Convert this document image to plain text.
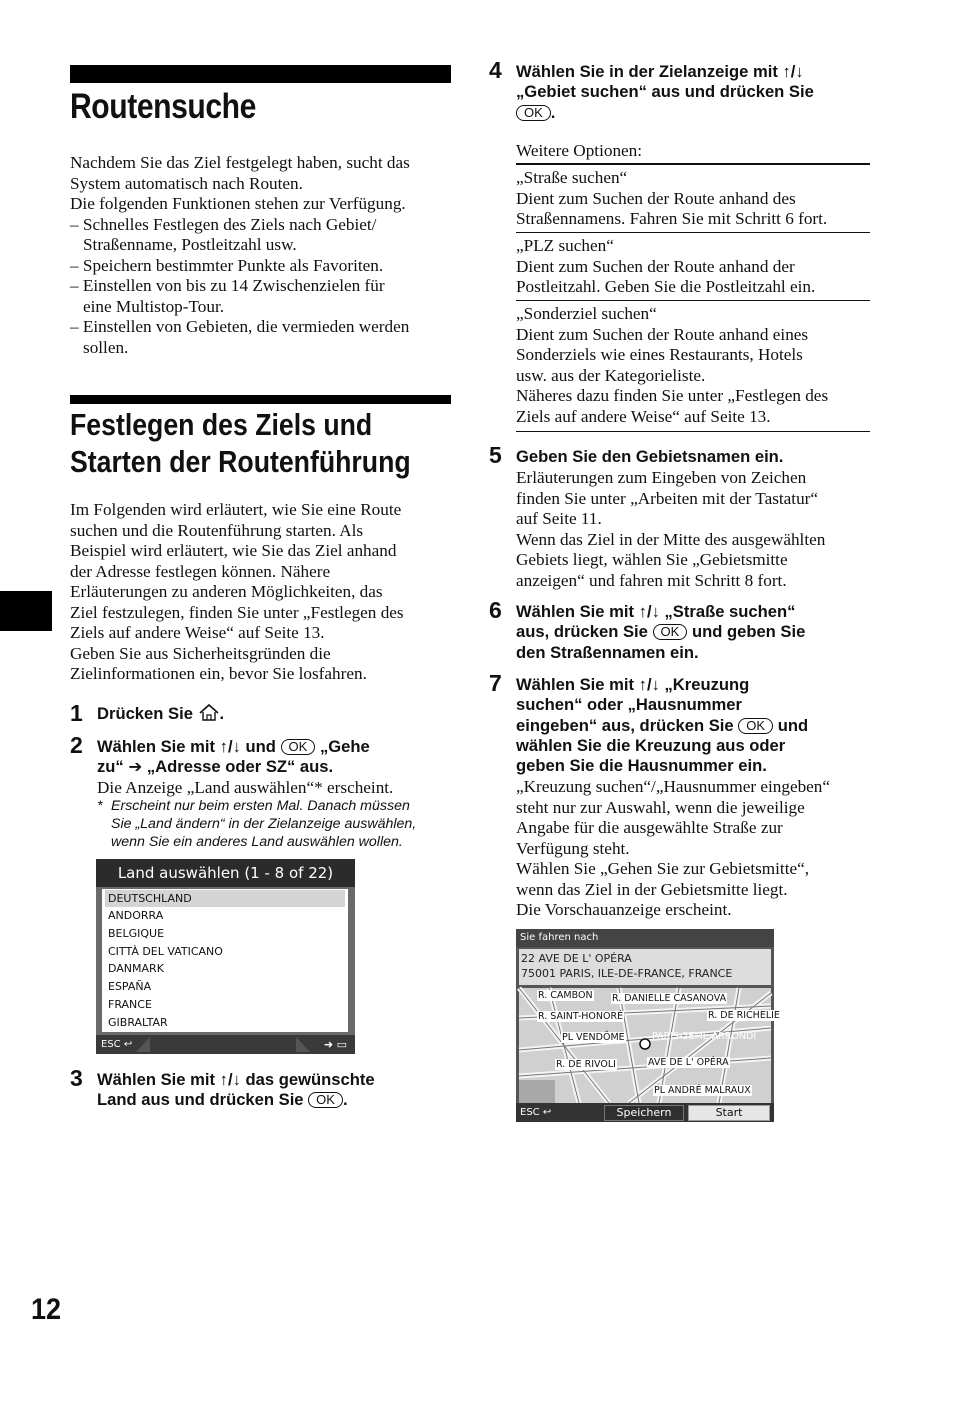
Routensuche

Nachdem Sie das Ziel festgelegt haben, sucht das

System automatisch nach Routen.

Die folgenden Funktionen stehen zur Verfügung.

– Schnelles Festlegen des Ziels nach Gebiet/
Straßenname, Postleitzahl usw.

– Speichern bestimmter Punkte als Favoriten.

– Einstellen von bis zu 14 Zwischenzielen für
eine Multistop-Tour.

– Einstellen von Gebieten, die vermieden werden
sollen.

Festlegen des Ziels und
Starten der Routenführung

Im Folgenden wird erläutert, wie Sie eine Route

suchen und die Routenführung starten. Als

Beispiel wird erläutert, wie Sie das Ziel anhand

der Adresse festlegen können. Nähere

Erläuterungen zu anderen Möglichkeiten, das

Ziel festzulegen, finden Sie unter „Festlegen des

Ziels auf andere Weise“ auf Seite 13.

Geben Sie aus Sicherheitsgründen die

Zielinformationen ein, bevor Sie losfahren.

1 Drücken Sie .
2 Wählen Sie mit ↑/↓ und OK „Gehe
zu“ ➔ „Adresse oder SZ“ aus.
Die Anzeige „Land auswählen“* erscheint.
* Erscheint nur beim ersten Mal. Danach müssen
Sie „Land ändern“ in der Zielanzeige auswählen,
wenn Sie ein anderes Land auswählen wollen.
Land auswählen (1 - 8 of 22)
DEUTSCHLAND
ANDORRA
BELGIQUE
CITTÀ DEL VATICANO
DANMARK
ESPAÑA
FRANCE
GIBRALTAR
ESC ↩	➜ ▭
3 Wählen Sie mit ↑/↓ das gewünschte
Land aus und drücken Sie OK .
4 Wählen Sie in der Zielanzeige mit ↑/↓
„Gebiet suchen“ aus und drücken Sie
OK .
Weitere Optionen:
„Straße suchen“
Dient zum Suchen der Route anhand des
Straßennamens. Fahren Sie mit Schritt 6 fort.
„PLZ suchen“
Dient zum Suchen der Route anhand der
Postleitzahl. Geben Sie die Postleitzahl ein.
„Sonderziel suchen“
Dient zum Suchen der Route anhand eines
Sonderziels wie eines Restaurants, Hotels
usw. aus der Kategorieliste.
Näheres dazu finden Sie unter „Festlegen des
Ziels auf andere Weise“ auf Seite 13.
5 Geben Sie den Gebietsnamen ein.
Erläuterungen zum Eingeben von Zeichen
finden Sie unter „Arbeiten mit der Tastatur“
auf Seite 11.
Wenn das Ziel in der Mitte des ausgewählten
Gebiets liegt, wählen Sie „Gebietsmitte
anzeigen“ und fahren mit Schritt 8 fort.
6 Wählen Sie mit ↑/↓ „Straße suchen“
aus, drücken Sie OK und geben Sie
den Straßennamen ein.
7 Wählen Sie mit ↑/↓ „Kreuzung
suchen“ oder „Hausnummer
eingeben“ aus, drücken Sie OK und
wählen Sie die Kreuzung aus oder
geben Sie die Hausnummer ein.
„Kreuzung suchen“/„Hausnummer eingeben“
steht nur zur Auswahl, wenn die jeweilige
Angabe für die ausgewählte Straße zur
Verfügung steht.
Wählen Sie „Gehen Sie zur Gebietsmitte“,
wenn das Ziel in der Gebietsmitte liegt.
Die Vorschauanzeige erscheint.
Sie fahren nach
22 AVE DE L' OPÉRA
75001 PARIS, ILE-DE-FRANCE, FRANCE
R. CAMBON R. DANIELLE CASANOVA
R. SAINT-HONORÉ	R. DE RICHELIE
PL VENDÔME	PARIS-2EME ARRONDI
R. DE RIVOLI	AVE DE L' OPÉRA
PL ANDRÉ MALRAUX
ESC ↩	Speichern	Start
12
